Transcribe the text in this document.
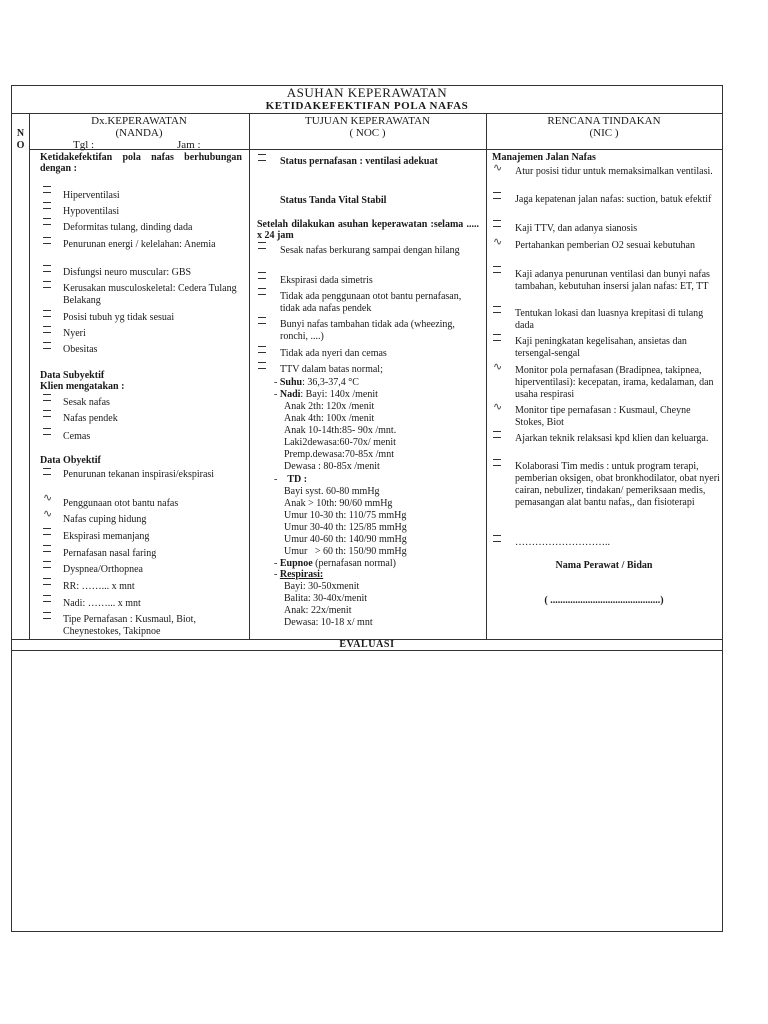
ASUHAN KEPERAWATAN
KETIDAKEFEKTIFAN POLA NAFAS
N
O
Dx.KEPERAWATAN
(NANDA)
Tgl :	Jam :
TUJUAN KEPERAWATAN
( NOC )
RENCANA TINDAKAN
(NIC )
Ketidakefektifan pola nafas berhubungan dengan :
Hiperventilasi
Hypoventilasi
Deformitas tulang, dinding dada
Penurunan energi / kelelahan: Anemia
Disfungsi neuro muscular: GBS
Kerusakan musculoskeletal: Cedera Tulang Belakang
Posisi tubuh yg tidak sesuai
Nyeri
Obesitas
Data Subyektif
Klien mengatakan :
Sesak nafas
Nafas pendek
Cemas
Data Obyektif
Penurunan tekanan inspirasi/ekspirasi
∿ Penggunaan otot bantu nafas
∿ Nafas cuping hidung
Ekspirasi memanjang
Pernafasan nasal faring
Dyspnea/Orthopnea
RR: ……... x mnt
Nadi: ……... x mnt
Tipe Pernafasan : Kusmaul, Biot, Cheynestokes, Takipnoe
Status pernafasan : ventilasi adekuat
Status Tanda Vital Stabil
Setelah dilakukan asuhan keperawatan :selama ..... x 24 jam
Sesak nafas berkurang sampai dengan hilang
Ekspirasi dada simetris
Tidak ada penggunaan otot bantu pernafasan, tidak ada nafas pendek
Bunyi nafas tambahan tidak ada (wheezing, ronchi, ....)
Tidak ada nyeri dan cemas
TTV dalam batas normal;
- Suhu: 36,3-37,4 °C
- Nadi: Bayi: 140x /menit
Anak 2th: 120x /menit
Anak 4th: 100x /menit
Anak 10-14th:85- 90x /mnt.
Laki2dewasa:60-70x/ menit
Premp.dewasa:70-85x /mnt
Dewasa : 80-85x /menit
-    TD :
Bayi syst. 60-80 mmHg
Anak > 10th: 90/60 mmHg
Umur 10-30 th: 110/75 mmHg
Umur 30-40 th: 125/85 mmHg
Umur 40-60 th: 140/90 mmHg
Umur   > 60 th: 150/90 mmHg
- Eupnoe (pernafasan normal)
- Respirasi:
Bayi: 30-50xmenit
Balita: 30-40x/menit
Anak: 22x/menit
Dewasa: 10-18 x/ mnt
Manajemen Jalan Nafas
∿ Atur posisi tidur untuk memaksimalkan ventilasi.
Jaga kepatenan jalan nafas: suction, batuk efektif
Kaji TTV, dan adanya sianosis
∿ Pertahankan pemberian O2 sesuai kebutuhan
Kaji adanya penurunan ventilasi dan bunyi nafas tambahan, kebutuhan insersi jalan nafas: ET, TT
Tentukan lokasi dan luasnya krepitasi di tulang dada
Kaji peningkatan kegelisahan, ansietas dan tersengal-sengal
∿ Monitor pola pernafasan (Bradipnea, takipnea, hiperventilasi): kecepatan, irama, kedalaman, dan usaha respirasi
∿ Monitor tipe pernafasan : Kusmaul, Cheyne Stokes, Biot
Ajarkan teknik relaksasi kpd klien dan keluarga.
Kolaborasi Tim medis : untuk program terapi, pemberian oksigen, obat bronkhodilator, obat nyeri cairan, nebulizer, tindakan/ pemeriksaan medis, pemasangan alat bantu nafas,, dan fisioterapi
………………………..
Nama Perawat / Bidan
( ............................................)
EVALUASI
